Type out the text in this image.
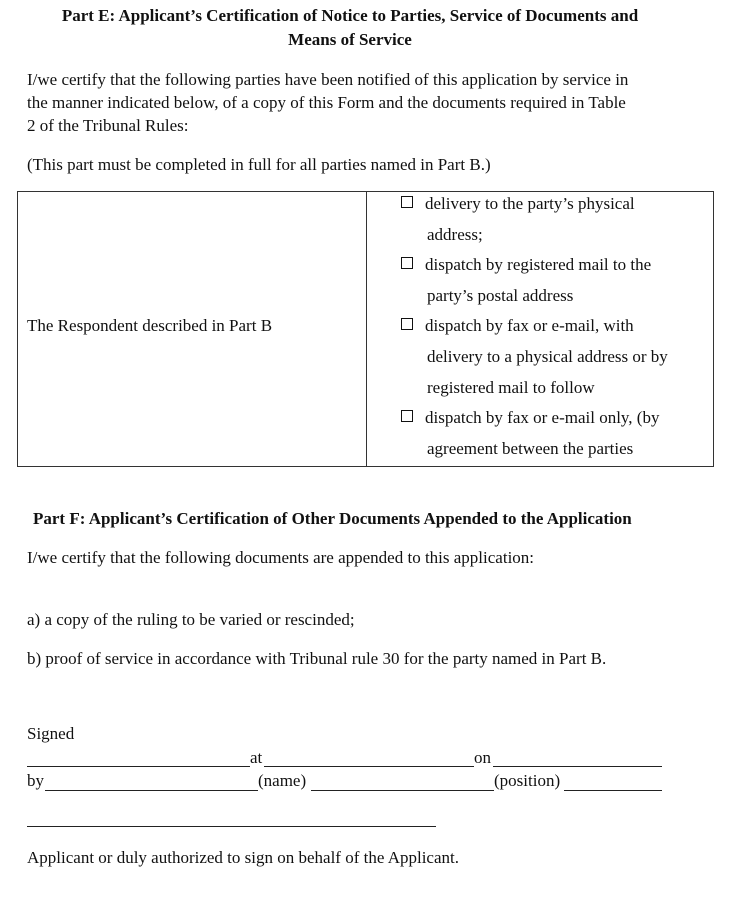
Part E: Applicant’s Certification of Notice to Parties, Service of Documents and
Means of Service
I/we certify that the following parties have been notified of this application by service in
the manner indicated below, of a copy of this Form and the documents required in Table
2 of the Tribunal Rules:
(This part must be completed in full for all parties named in Part B.)
The Respondent described in Part B
delivery to the party’s physical
address;
dispatch by registered mail to the
party’s postal address
dispatch by fax or e-mail, with
delivery to a physical address or by
registered mail to follow
dispatch by fax or e-mail only, (by
agreement between the parties
Part F: Applicant’s Certification of Other Documents Appended to the Application
I/we certify that the following documents are appended to this application:
a) a copy of the ruling to be varied or rescinded;
b) proof of service in accordance with Tribunal rule 30 for the party named in Part B.
Signed
at	on
by	(name)	(position)
Applicant or duly authorized to sign on behalf of the Applicant.
